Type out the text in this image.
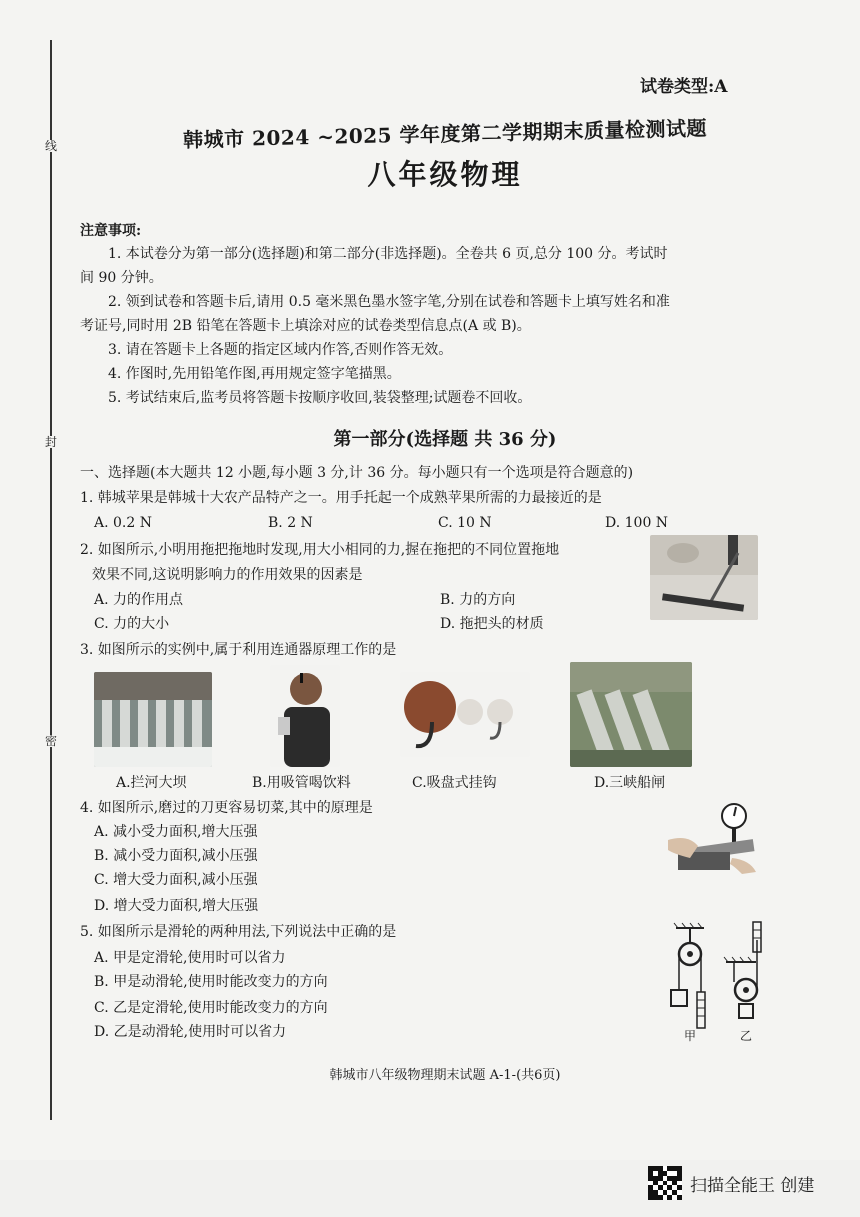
线
封
密
试卷类型:A
韩城市 2024 ~2025 学年度第二学期期末质量检测试题
八年级物理
注意事项:
1. 本试卷分为第一部分(选择题)和第二部分(非选择题)。全卷共 6 页,总分 100 分。考试时
间 90 分钟。
2. 领到试卷和答题卡后,请用 0.5 毫米黑色墨水签字笔,分别在试卷和答题卡上填写姓名和准
考证号,同时用 2B 铅笔在答题卡上填涂对应的试卷类型信息点(A 或 B)。
3. 请在答题卡上各题的指定区域内作答,否则作答无效。
4. 作图时,先用铅笔作图,再用规定签字笔描黑。
5. 考试结束后,监考员将答题卡按顺序收回,装袋整理;试题卷不回收。
第一部分(选择题 共 36 分)
一、选择题(本大题共 12 小题,每小题 3 分,计 36 分。每小题只有一个选项是符合题意的)
1. 韩城苹果是韩城十大农产品特产之一。用手托起一个成熟苹果所需的力最接近的是
A. 0.2 N	B. 2 N	C. 10 N	D. 100 N
2. 如图所示,小明用拖把拖地时发现,用大小相同的力,握在拖把的不同位置拖地
效果不同,这说明影响力的作用效果的因素是
A. 力的作用点	B. 力的方向
C. 力的大小	D. 拖把头的材质
3. 如图所示的实例中,属于利用连通器原理工作的是
A.拦河大坝	B.用吸管喝饮料	C.吸盘式挂钩	D.三峡船闸
4. 如图所示,磨过的刀更容易切菜,其中的原理是
A. 减小受力面积,增大压强
B. 减小受力面积,减小压强
C. 增大受力面积,减小压强
D. 增大受力面积,增大压强
5. 如图所示是滑轮的两种用法,下列说法中正确的是
A. 甲是定滑轮,使用时可以省力
B. 甲是动滑轮,使用时能改变力的方向
C. 乙是定滑轮,使用时能改变力的方向
D. 乙是动滑轮,使用时可以省力	甲	乙
韩城市八年级物理期末试题 A-1-(共6页)
扫描全能王 创建
